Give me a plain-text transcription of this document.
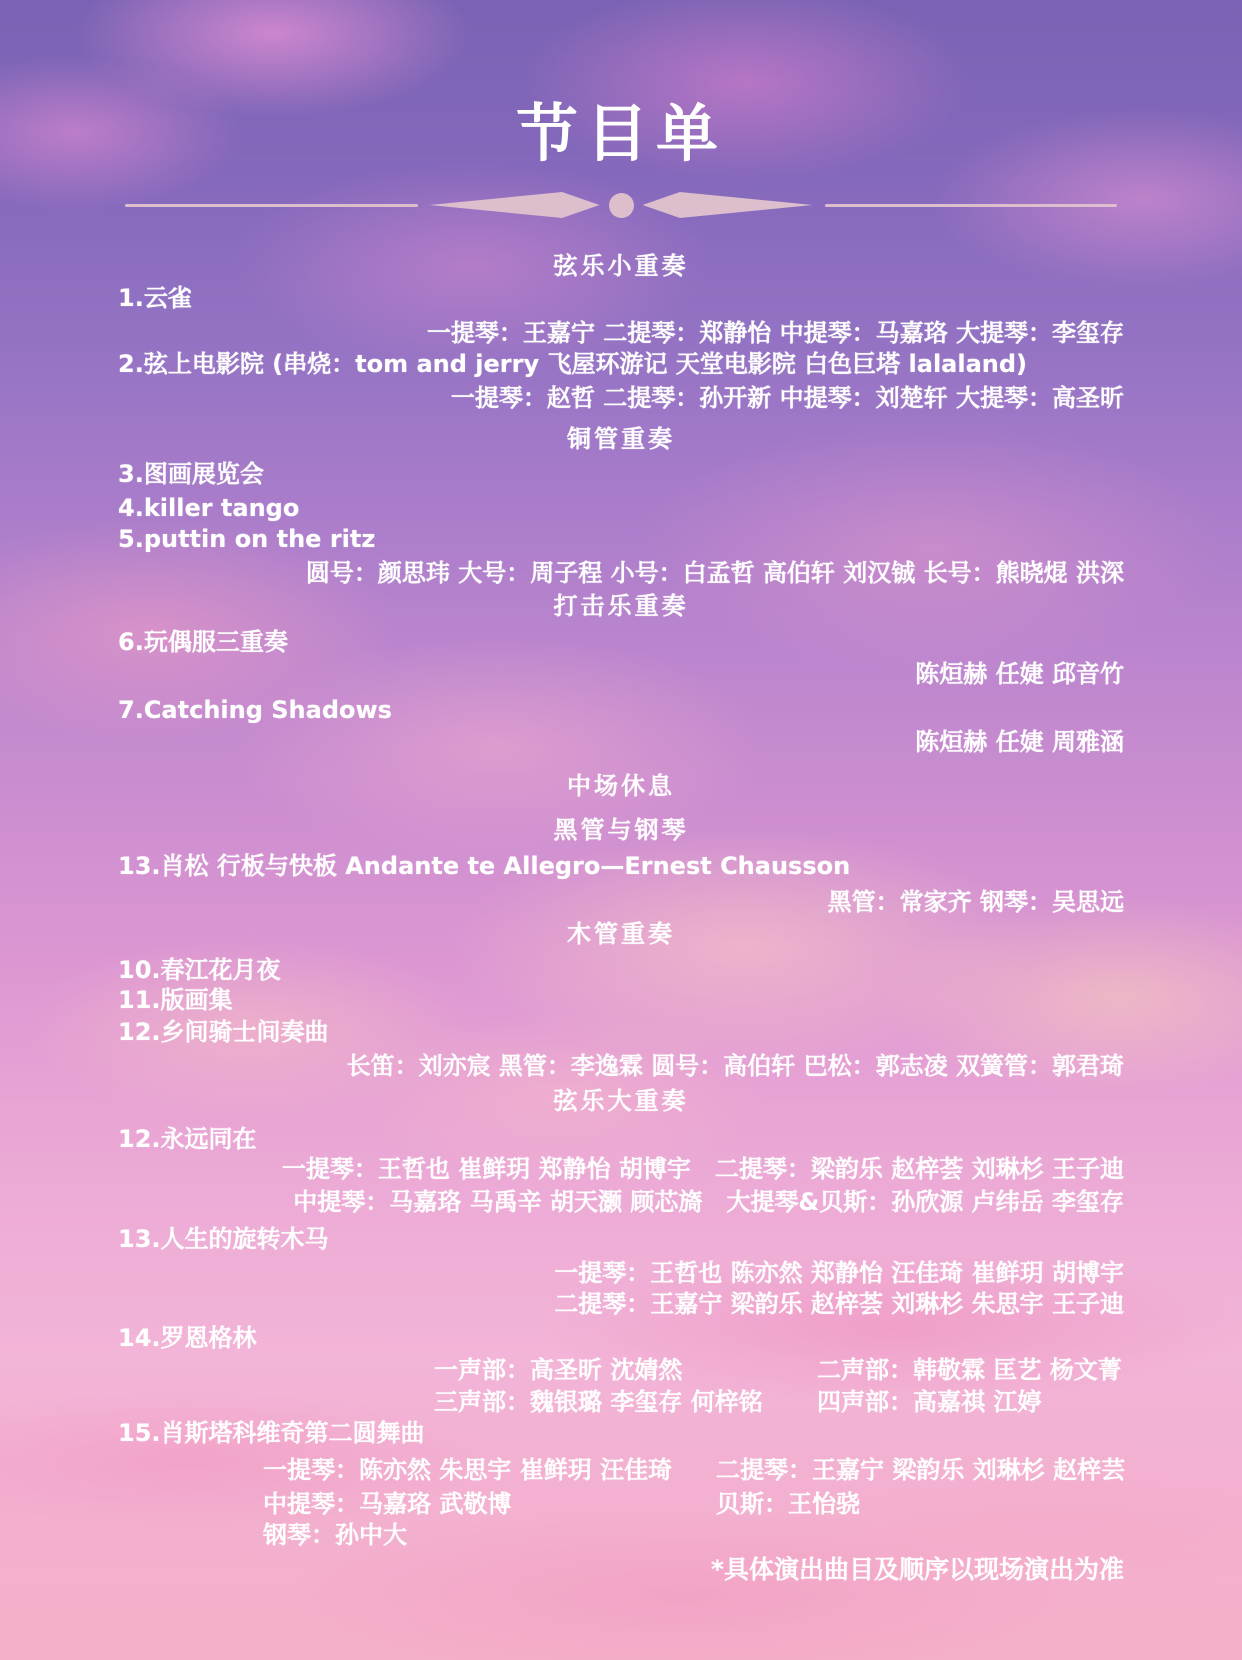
节目单
弦乐小重奏
1.云雀
一提琴：王嘉宁 二提琴：郑静怡 中提琴：马嘉珞 大提琴：李玺存
2.弦上电影院 (串烧：tom and jerry 飞屋环游记 天堂电影院 白色巨塔 lalaland)
一提琴：赵哲 二提琴：孙开新 中提琴：刘楚轩 大提琴：高圣昕
铜管重奏
3.图画展览会
4.killer tango
5.puttin on the ritz
圆号：颜思玮 大号：周子程 小号：白孟哲 高伯轩 刘汉铖 长号：熊晓焜 洪深
打击乐重奏
6.玩偶服三重奏
陈烜赫 任婕 邱音竹
7.Catching Shadows
陈烜赫 任婕 周雅涵
中场休息
黑管与钢琴
13.肖松 行板与快板 Andante te Allegro—Ernest Chausson
黑管：常家齐 钢琴：吴思远
木管重奏
10.春江花月夜
11.版画集
12.乡间骑士间奏曲
长笛：刘亦宸 黑管：李逸霖 圆号：高伯轩 巴松：郭志凌 双簧管：郭君琦
弦乐大重奏
12.永远同在
一提琴：王哲也 崔鲜玥 郑静怡 胡博宇　二提琴：梁韵乐 赵梓荟 刘琳杉 王子迪
中提琴：马嘉珞 马禹辛 胡天灏 顾芯旖　大提琴&贝斯：孙欣源 卢纬岳 李玺存
13.人生的旋转木马
一提琴：王哲也 陈亦然 郑静怡 汪佳琦 崔鲜玥 胡博宇
二提琴：王嘉宁 梁韵乐 赵梓荟 刘琳杉 朱思宇 王子迪
14.罗恩格林
一声部：高圣昕 沈婧然	二声部：韩敬霖 匡艺 杨文菁
三声部：魏银璐 李玺存 何梓铭 四声部：高嘉祺 江婷
15.肖斯塔科维奇第二圆舞曲
一提琴：陈亦然 朱思宇 崔鲜玥 汪佳琦 二提琴：王嘉宁 梁韵乐 刘琳杉 赵梓芸
中提琴：马嘉珞 武敬博	贝斯：王怡骁
钢琴：孙中大
*具体演出曲目及顺序以现场演出为准
